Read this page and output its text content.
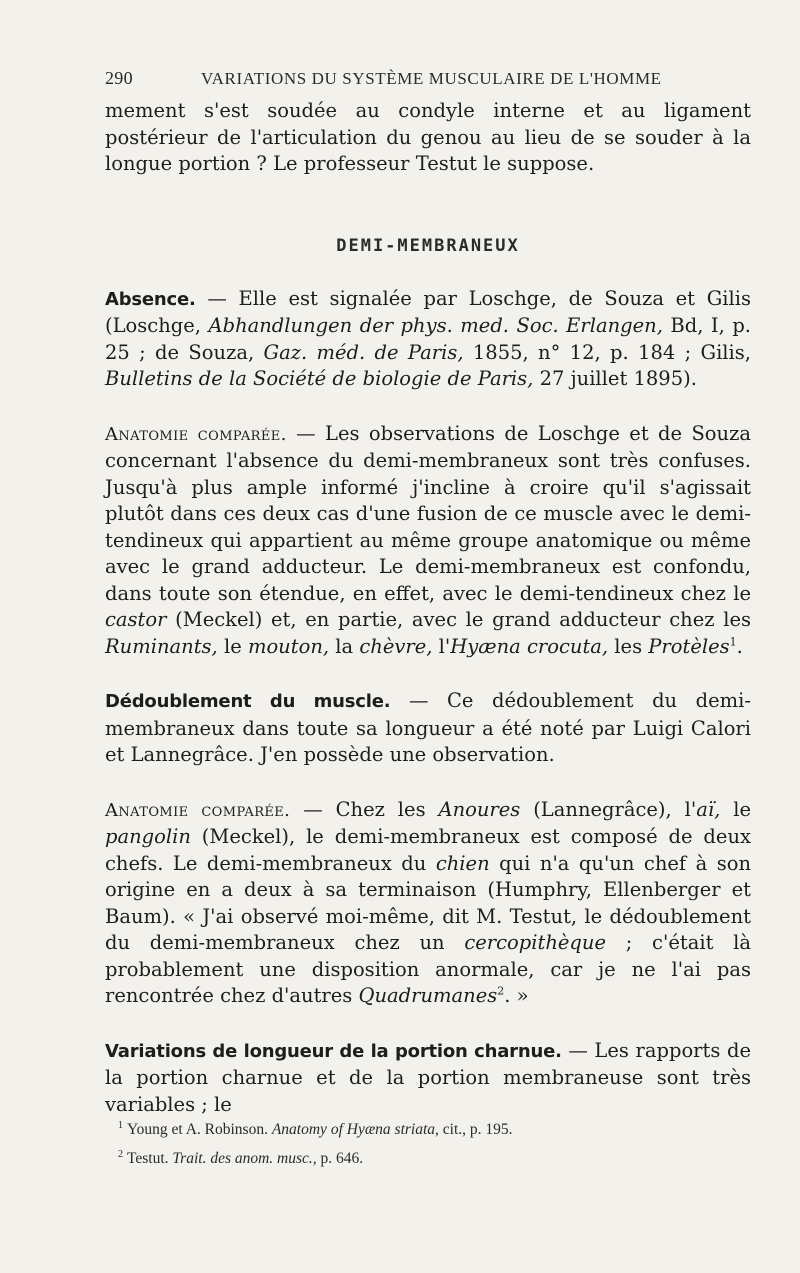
290	VARIATIONS DU SYSTÈME MUSCULAIRE DE L'HOMME

mement s'est soudée au condyle interne et au ligament postérieur de l'articulation du genou au lieu de se souder à la longue portion ? Le professeur Testut le suppose.

DEMI-MEMBRANEUX

Absence. — Elle est signalée par Loschge, de Souza et Gilis (Loschge, Abhandlungen der phys. med. Soc. Erlangen, Bd, I, p. 25 ; de Souza, Gaz. méd. de Paris, 1855, n° 12, p. 184 ; Gilis, Bulletins de la Société de biologie de Paris, 27 juillet 1895).

Anatomie comparée. — Les observations de Loschge et de Souza concernant l'absence du demi-membraneux sont très confuses. Jusqu'à plus ample informé j'incline à croire qu'il s'agissait plutôt dans ces deux cas d'une fusion de ce muscle avec le demi-tendineux qui appartient au même groupe anatomique ou même avec le grand adducteur. Le demi-membraneux est confondu, dans toute son étendue, en effet, avec le demi-tendineux chez le castor (Meckel) et, en partie, avec le grand adducteur chez les Ruminants, le mouton, la chèvre, l'Hyæna crocuta, les Protèles$^1$.

Dédoublement du muscle. — Ce dédoublement du demi-membraneux dans toute sa longueur a été noté par Luigi Calori et Lannegrâce. J'en possède une observation.

Anatomie comparée. — Chez les Anoures (Lannegrâce), l'aï, le pangolin (Meckel), le demi-membraneux est composé de deux chefs. Le demi-membraneux du chien qui n'a qu'un chef à son origine en a deux à sa terminaison (Humphry, Ellenberger et Baum). « J'ai observé moi-même, dit M. Testut, le dédoublement du demi-membraneux chez un cercopithèque ; c'était là probablement une disposition anormale, car je ne l'ai pas rencontrée chez d'autres Quadrumanes$^2$. »

Variations de longueur de la portion charnue. — Les rapports de la portion charnue et de la portion membraneuse sont très variables ; le

$^1$ Young et A. Robinson. Anatomy of Hyæna striata, cit., p. 195.
$^2$ Testut. Trait. des anom. musc., p. 646.
